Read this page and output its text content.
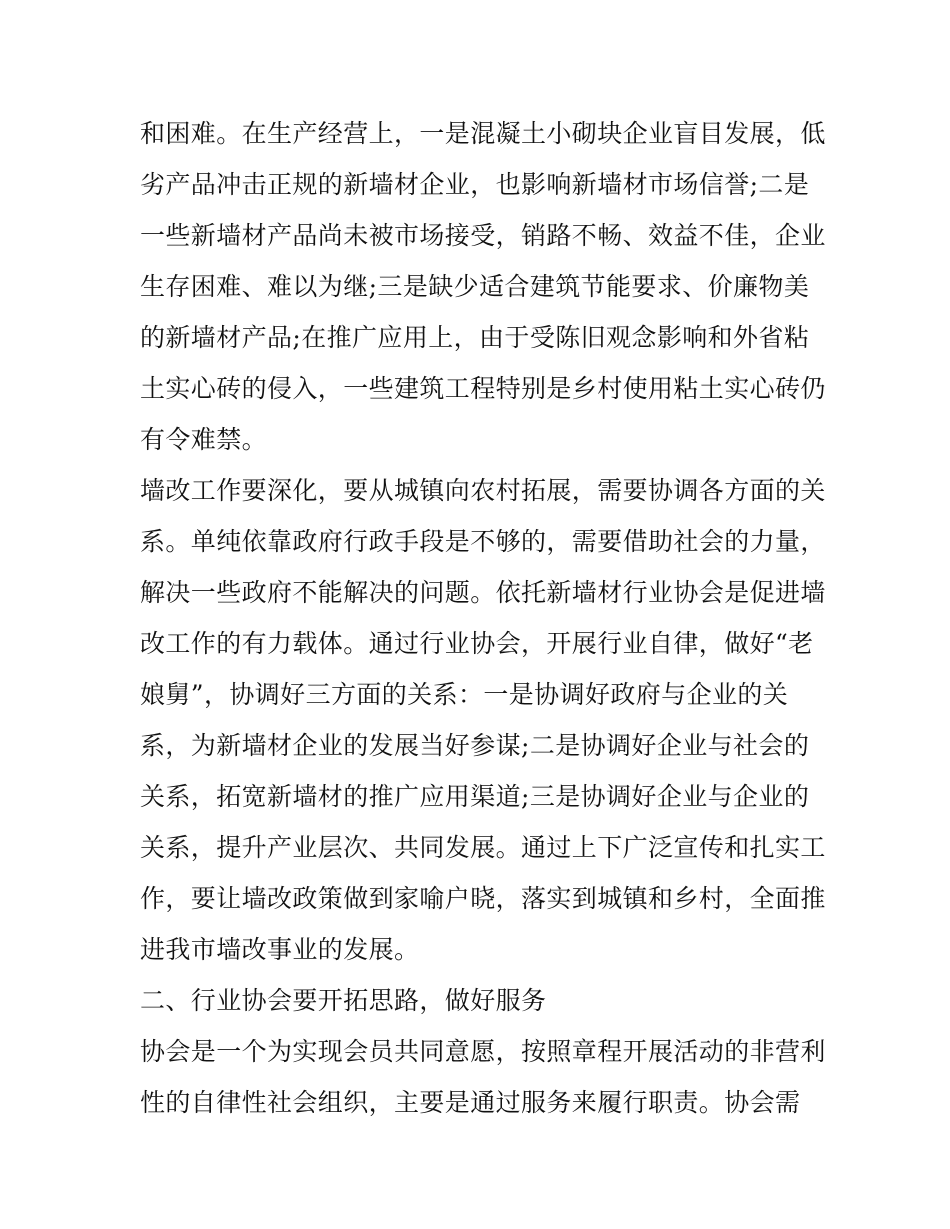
和困难。在生产经营上，一是混凝土小砌块企业盲目发展，低
劣产品冲击正规的新墙材企业，也影响新墙材市场信誉;二是
一些新墙材产品尚未被市场接受，销路不畅、效益不佳，企业
生存困难、难以为继;三是缺少适合建筑节能要求、价廉物美
的新墙材产品;在推广应用上，由于受陈旧观念影响和外省粘
土实心砖的侵入，一些建筑工程特别是乡村使用粘土实心砖仍
有令难禁。
墙改工作要深化，要从城镇向农村拓展，需要协调各方面的关
系。单纯依靠政府行政手段是不够的，需要借助社会的力量，
解决一些政府不能解决的问题。依托新墙材行业协会是促进墙
改工作的有力载体。通过行业协会，开展行业自律，做好“老
娘舅”，协调好三方面的关系：一是协调好政府与企业的关
系，为新墙材企业的发展当好参谋;二是协调好企业与社会的
关系，拓宽新墙材的推广应用渠道;三是协调好企业与企业的
关系，提升产业层次、共同发展。通过上下广泛宣传和扎实工
作，要让墙改政策做到家喻户晓，落实到城镇和乡村，全面推
进我市墙改事业的发展。
二、行业协会要开拓思路，做好服务
协会是一个为实现会员共同意愿，按照章程开展活动的非营利
性的自律性社会组织，主要是通过服务来履行职责。协会需
